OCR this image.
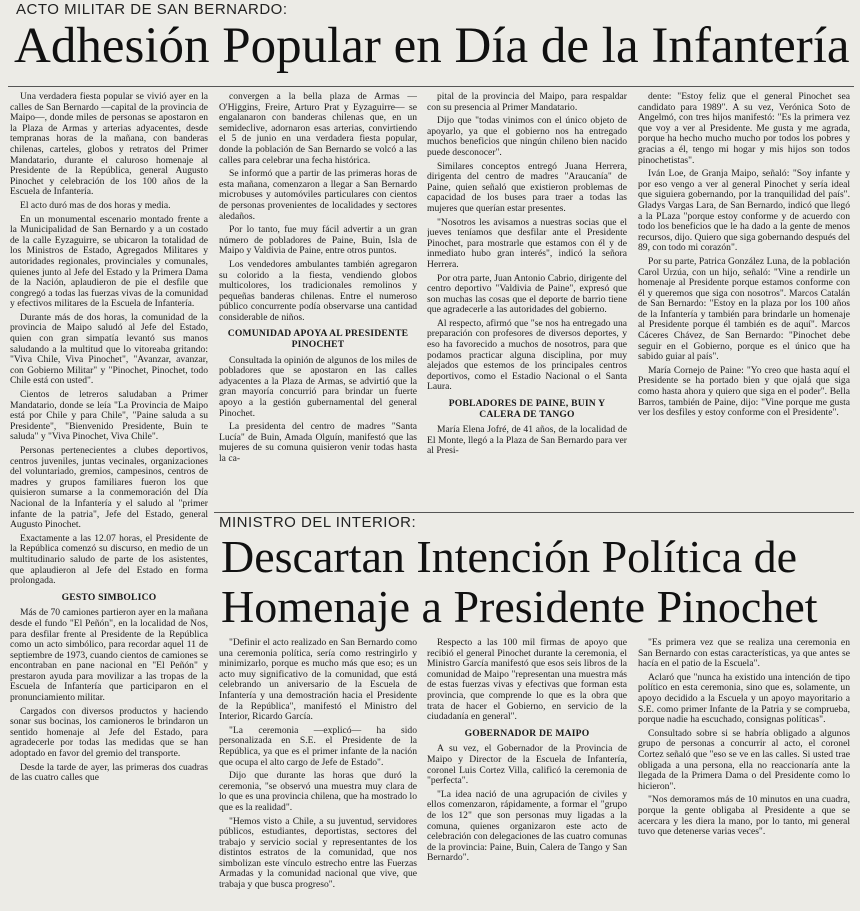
ACTO MILITAR DE SAN BERNARDO:
Adhesión Popular en Día de la Infantería

Una verdadera fiesta popular se vivió ayer en la calles de San Bernardo —capital de la provincia de Maipo—, donde miles de personas se apostaron en la Plaza de Armas y arterias adyacentes, desde tempranas horas de la mañana, con banderas chilenas, carteles, globos y retratos del Primer Mandatario, durante el caluroso homenaje al Presidente de la República, general Augusto Pinochet y celebración de los 100 años de la Escuela de Infantería.

El acto duró mas de dos horas y media.

En un monumental escenario montado frente a la Municipalidad de San Bernardo y a un costado de la calle Eyzaguirre, se ubicaron la totalidad de los Ministros de Estado, Agregados Militares y autoridades regionales, provinciales y comunales, quienes junto al Jefe del Estado y la Primera Dama de la Nación, aplaudieron de pie el desfile que congregó a todas las fuerzas vivas de la comunidad y efectivos militares de la Escuela de Infantería.

Durante más de dos horas, la comunidad de la provincia de Maipo saludó al Jefe del Estado, quien con gran simpatía levantó sus manos saludando a la multitud que lo vitoreaba gritando: "Viva Chile, Viva Pinochet", "Avanzar, avanzar, con Gobierno Militar" y "Pinochet, Pinochet, todo Chile está con usted".

Cientos de letreros saludaban a Primer Mandatario, donde se leía "La Provincia de Maipo está por Chile y para Chile", "Paine saluda a su Presidente", "Bienvenido Presidente, Buin te saluda" y "Viva Pinochet, Viva Chile".

Personas pertenecientes a clubes deportivos, centros juveniles, juntas vecinales, organizaciones del voluntariado, gremios, campesinos, centros de madres y grupos familiares fueron los que quisieron sumarse a la conmemoración del Día Nacional de la Infantería y el saludo al "primer infante de la patria", Jefe del Estado, general Augusto Pinochet.

Exactamente a las 12.07 horas, el Presidente de la República comenzó su discurso, en medio de un multitudinario saludo de parte de los asistentes, que aplaudieron al Jefe del Estado en forma prolongada.

GESTO SIMBOLICO

Más de 70 camiones partieron ayer en la mañana desde el fundo "El Peñón", en la localidad de Nos, para desfilar frente al Presidente de la República como un acto simbólico, para recordar aquel 11 de septiembre de 1973, cuando cientos de camiones se encontraban en pane nacional en "El Peñón" y prestaron ayuda para movilizar a las tropas de la Escuela de Infantería que participaron en el pronunciamiento militar.

Cargados con diversos productos y haciendo sonar sus bocinas, los camioneros le brindaron un sentido homenaje al Jefe del Estado, para agradecerle por todas las medidas que se han adoptado en favor del gremio del transporte.

Desde la tarde de ayer, las primeras dos cuadras de las cuatro calles que

convergen a la bella plaza de Armas —O'Higgins, Freire, Arturo Prat y Eyzaguirre— se engalanaron con banderas chilenas que, en un semideclive, adornaron esas arterias, convirtiendo el 5 de junio en una verdadera fiesta popular, donde la población de San Bernardo se volcó a las calles para celebrar una fecha histórica.

Se informó que a partir de las primeras horas de esta mañana, comenzaron a llegar a San Bernardo microbuses y automóviles particulares con cientos de personas provenientes de localidades y sectores aledaños.

Por lo tanto, fue muy fácil advertir a un gran número de pobladores de Paine, Buin, Isla de Maipo y Valdivia de Paine, entre otros puntos.

Los vendedores ambulantes también agregaron su colorido a la fiesta, vendiendo globos multicolores, los tradicionales remolinos y pequeñas banderas chilenas. Entre el numeroso público concurrente podía observarse una cantidad considerable de niños.

COMUNIDAD APOYA AL PRESIDENTE PINOCHET

Consultada la opinión de algunos de los miles de pobladores que se apostaron en las calles adyacentes a la Plaza de Armas, se advirtió que la gran mayoría concurrió para brindar un fuerte apoyo a la gestión gubernamental del general Pinochet.

La presidenta del centro de madres "Santa Lucía" de Buin, Amada Olguín, manifestó que las mujeres de su comuna quisieron venir todas hasta la ca-

pital de la provincia del Maipo, para respaldar con su presencia al Primer Mandatario.

Dijo que "todas vinimos con el único objeto de apoyarlo, ya que el gobierno nos ha entregado muchos beneficios que ningún chileno bien nacido puede desconocer".

Similares conceptos entregó Juana Herrera, dirigenta del centro de madres "Araucanía" de Paine, quien señaló que existieron problemas de capacidad de los buses para traer a todas las mujeres que querían estar presentes.

"Nosotros les avisamos a nuestras socias que el jueves teníamos que desfilar ante el Presidente Pinochet, para mostrarle que estamos con él y de inmediato hubo gran interés", indicó la señora Herrera.

Por otra parte, Juan Antonio Cabrio, dirigente del centro deportivo "Valdivia de Paine", expresó que son muchas las cosas que el deporte de barrio tiene que agradecerle a las autoridades del gobierno.

Al respecto, afirmó que "se nos ha entregado una preparación con profesores de diversos deportes, y eso ha favorecido a muchos de nosotros, para que podamos practicar alguna disciplina, por muy alejados que estemos de los principales centros deportivos, como el Estadio Nacional o el Santa Laura.

POBLADORES DE PAINE, BUIN Y CALERA DE TANGO

María Elena Jofré, de 41 años, de la localidad de El Monte, llegó a la Plaza de San Bernardo para ver al Presi-

dente: "Estoy feliz que el general Pinochet sea candidato para 1989". A su vez, Verónica Soto de Angelmó, con tres hijos manifestó: "Es la primera vez que voy a ver al Presidente. Me gusta y me agrada, porque ha hecho mucho mucho por todos los pobres y gracias a él, tengo mi hogar y mis hijos son todos pinochetistas".

Iván Loe, de Granja Maipo, señaló: "Soy infante y por eso vengo a ver al general Pinochet y sería ideal que siguiera gobernando, por la tranquilidad del país". Gladys Vargas Lara, de San Bernardo, indicó que llegó a la PLaza "porque estoy conforme y de acuerdo con todo los beneficios que le ha dado a la gente de menos recursos, dijo. Quiero que siga gobernando después del 89, con todo mi corazón".

Por su parte, Patrica González Luna, de la población Carol Urzúa, con un hijo, señaló: "Vine a rendirle un homenaje al Presidente porque estamos conforme con él y queremos que siga con nosotros". Marcos Catalán de San Bernardo: "Estoy en la plaza por los 100 años de la Infantería y también para brindarle un homenaje al Presidente porque él también es de aquí". Marcos Cáceres Chávez, de San Bernardo: "Pinochet debe seguir en el Gobierno, porque es el único que ha sabido guiar al país".

María Cornejo de Paine: "Yo creo que hasta aquí el Presidente se ha portado bien y que ojalá que siga como hasta ahora y quiero que siga en el poder". Bella Barros, también de Paine, dijo: "Vine porque me gusta ver los desfiles y estoy conforme con el Presidente".

MINISTRO DEL INTERIOR:
Descartan Intención Política de
Homenaje a Presidente Pinochet

"Definir el acto realizado en San Bernardo como una ceremonia política, sería como restringirlo y minimizarlo, porque es mucho más que eso; es un acto muy significativo de la comunidad, que está celebrando un aniversario de la Escuela de Infantería y una demostración hacia el Presidente de la República", manifestó el Ministro del Interior, Ricardo García.

"La ceremonia —explicó— ha sido personalizada en S.E. el Presidente de la República, ya que es el primer infante de la nación que ocupa el alto cargo de Jefe de Estado".

Dijo que durante las horas que duró la ceremonia, "se observó una muestra muy clara de lo que es una provincia chilena, que ha mostrado lo que es la realidad".

"Hemos visto a Chile, a su juventud, servidores públicos, estudiantes, deportistas, sectores del trabajo y servicio social y representantes de los distintos estratos de la comunidad, que nos simbolizan este vínculo estrecho entre las Fuerzas Armadas y la comunidad nacional que vive, que trabaja y que busca progreso".

Respecto a las 100 mil firmas de apoyo que recibió el general Pinochet durante la ceremonia, el Ministro García manifestó que esos seis libros de la comunidad de Maipo "representan una muestra más de estas fuerzas vivas y efectivas que forman esta provincia, que comprende lo que es la obra que trata de hacer el Gobierno, en servicio de la ciudadanía en general".

GOBERNADOR DE MAIPO

A su vez, el Gobernador de la Provincia de Maipo y Director de la Escuela de Infantería, coronel Luis Cortez Villa, calificó la ceremonia de "perfecta".

"La idea nació de una agrupación de civiles y ellos comenzaron, rápidamente, a formar el "grupo de los 12" que son personas muy ligadas a la comuna, quienes organizaron este acto de celebración con delegaciones de las cuatro comunas de la provincia: Paine, Buin, Calera de Tango y San Bernardo".

"Es primera vez que se realiza una ceremonia en San Bernardo con estas características, ya que antes se hacía en el patio de la Escuela".

Aclaró que "nunca ha existido una intención de tipo político en esta ceremonia, sino que es, solamente, un apoyo decidido a la Escuela y un apoyo mayoritario a S.E. como primer Infante de la Patria y se comprueba, porque nadie ha escuchado, consignas políticas".

Consultado sobre si se habría obligado a algunos grupo de personas a concurrir al acto, el coronel Cortez señaló que "eso se ve en las calles. Si usted trae obligada a una persona, ella no reaccionaría ante la llegada de la Primera Dama o del Presidente como lo hicieron".

"Nos demoramos más de 10 minutos en una cuadra, porque la gente obligaba al Presidente a que se acercara y les diera la mano, por lo tanto, mi general tuvo que detenerse varias veces".
